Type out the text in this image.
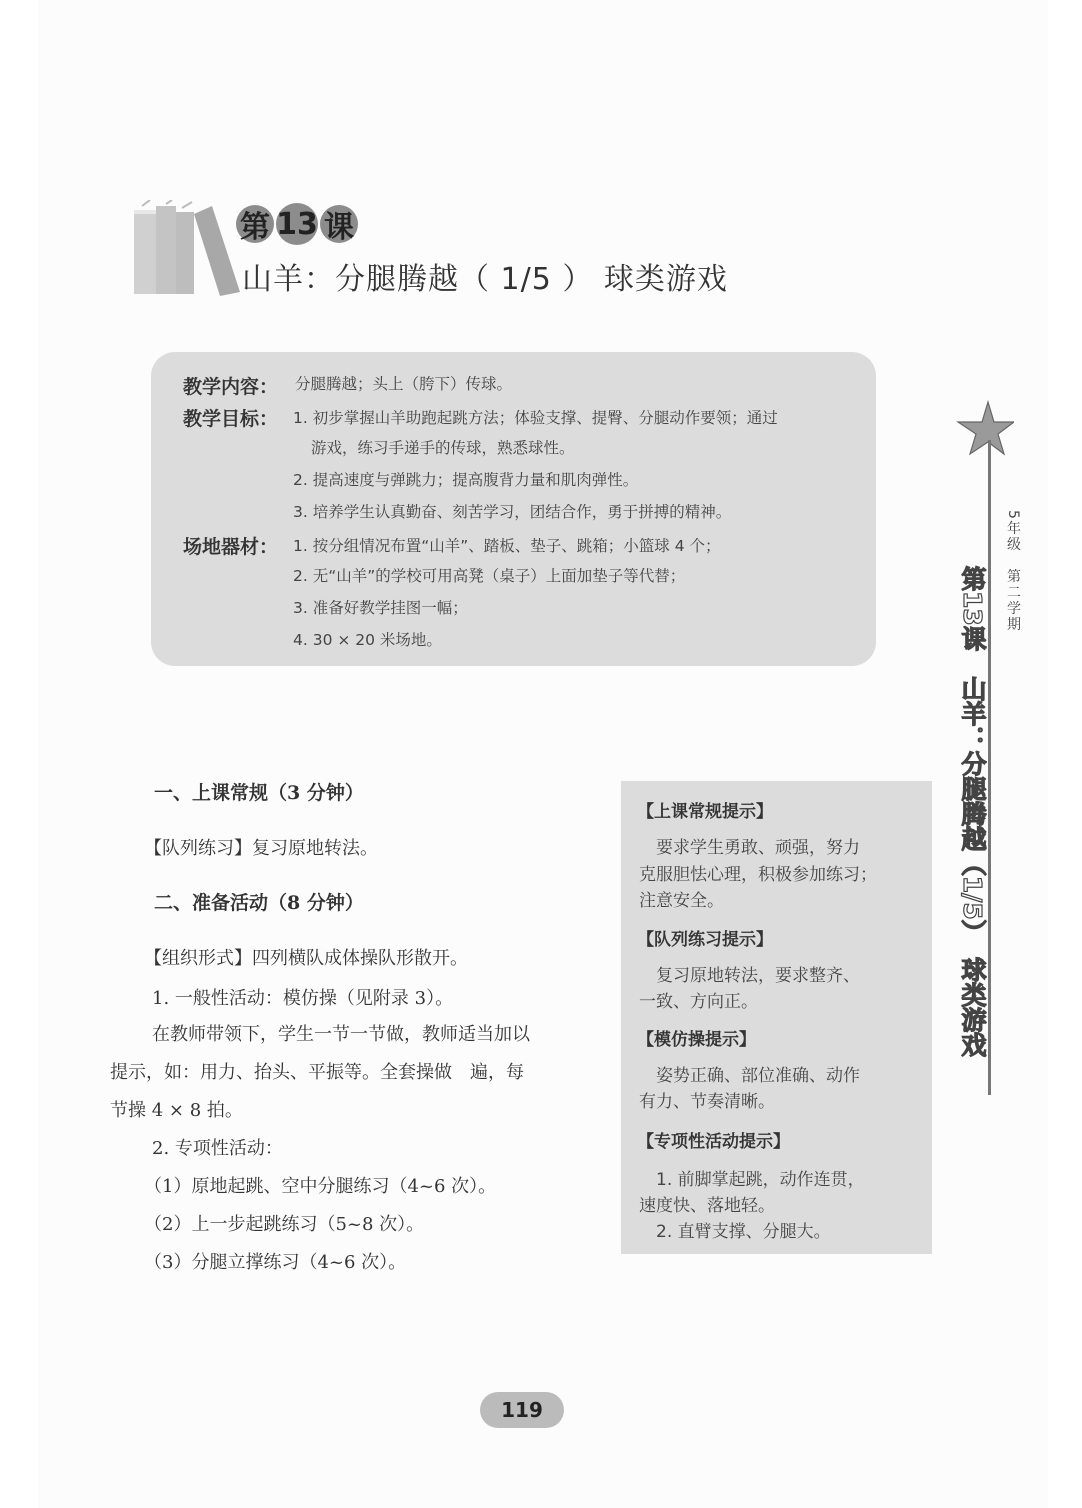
第 13 课
山羊：分腿腾越（ 1/5 ） 球类游戏
教学内容：	分腿腾越；头上（胯下）传球。
教学目标： 1. 初步掌握山羊助跑起跳方法；体验支撑、提臀、分腿动作要领；通过
游戏，练习手递手的传球，熟悉球性。
2. 提高速度与弹跳力；提高腹背力量和肌肉弹性。
3. 培养学生认真勤奋、刻苦学习，团结合作，勇于拼搏的精神。
场地器材： 1. 按分组情况布置“山羊”、踏板、垫子、跳箱；小篮球 4 个；
2. 无“山羊”的学校可用高凳（桌子）上面加垫子等代替；
3. 准备好教学挂图一幅；
4. 30 × 20 米场地。
5年级　第二学期
第13课　山羊：分腿腾越（1/5）　球类游戏
一、上课常规（3 分钟）
【队列练习】复习原地转法。
二、准备活动（8 分钟）
【组织形式】四列横队成体操队形散开。
1. 一般性活动：模仿操（见附录 3）。
在教师带领下，学生一节一节做，教师适当加以
提示，如：用力、抬头、平振等。全套操做　遍，每
节操 4 × 8 拍。
2. 专项性活动：
（1）原地起跳、空中分腿练习（4~6 次）。
（2）上一步起跳练习（5~8 次）。
（3）分腿立撑练习（4~6 次）。
【上课常规提示】
　要求学生勇敢、顽强，努力
克服胆怯心理，积极参加练习；
注意安全。
【队列练习提示】
　复习原地转法，要求整齐、
一致、方向正。
【模仿操提示】
　姿势正确、部位准确、动作
有力、节奏清晰。
【专项性活动提示】
　1. 前脚掌起跳，动作连贯，
速度快、落地轻。
　2. 直臂支撑、分腿大。
119
